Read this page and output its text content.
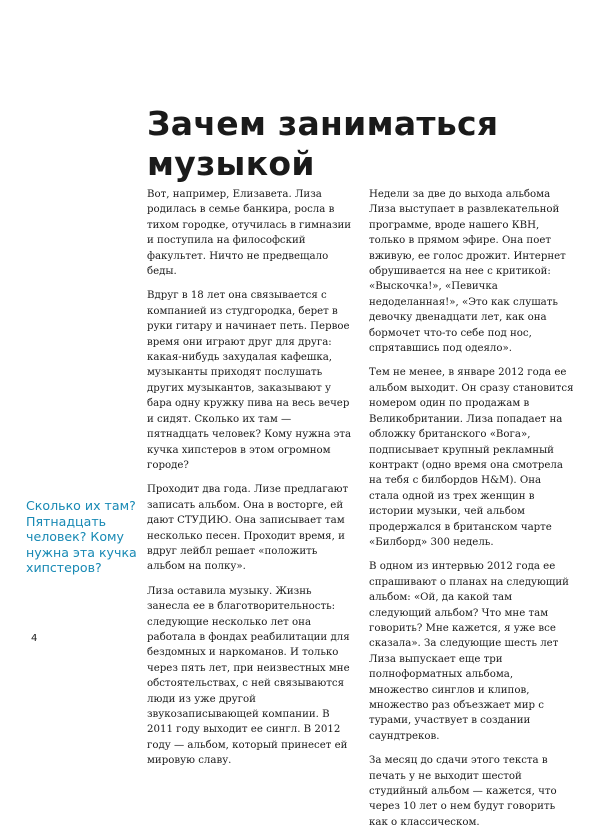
Зачем заниматься
музыкой

Вот, например, Елизавета. Лиза родилась в семье банкира, росла в тихом городке, отучилась в гимназии и поступила на философский факультет. Ничто не предвещало беды.

Вдруг в 18 лет она связывается с компанией из студгородка, берет в руки гитару и начинает петь. Первое время они играют друг для друга: какая-нибудь захудалая кафешка, музыканты приходят послушать других музыкантов, заказывают у бара одну кружку пива на весь вечер и сидят. Сколько их там — пятнадцать человек? Кому нужна эта кучка хипстеров в этом огромном городе?

Проходит два года. Лизе предлагают записать альбом. Она в восторге, ей дают СТУДИЮ. Она записывает там несколько песен. Проходит время, и вдруг лейбл решает «положить альбом на полку».

Лиза оставила музыку. Жизнь занесла ее в благотворительность: следующие несколько лет она работала в фондах реабилитации для бездомных и наркоманов. И только через пять лет, при неизвестных мне обстоятельствах, с ней связываются люди из уже другой звукозаписывающей компании. В 2011 году выходит ее сингл. В 2012 году — альбом, который принесет ей мировую славу.

Недели за две до выхода альбома Лиза выступает в развлекательной программе, вроде нашего КВН, только в прямом эфире. Она поет вживую, ее голос дрожит. Интернет обрушивается на нее с критикой: «Выскочка!», «Певичка недоделанная!», «Это как слушать девочку двенадцати лет, как она бормочет что-то себе под нос, спрятавшись под одеяло».

Тем не менее, в январе 2012 года ее альбом выходит. Он сразу становится номером один по продажам в Великобритании. Лиза попадает на обложку британского «Вога», подписывает крупный рекламный контракт (одно время она смотрела на тебя с билбордов H&M). Она стала одной из трех женщин в истории музыки, чей альбом продержался в британском чарте «Билборд» 300 недель.

В одном из интервью 2012 года ее спрашивают о планах на следующий альбом: «Ой, да какой там следующий альбом? Что мне там говорить? Мне кажется, я уже все сказала». За следующие шесть лет Лиза выпускает еще три полноформатных альбома, множество синглов и клипов, множество раз объезжает мир с турами, участвует в создании саундтреков.

За месяц до сдачи этого текста в печать у не выходит шестой студийный альбом — кажется, что через 10 лет о нем будут говорить как о классическом.

Сколько их там? Пятнадцать человек? Кому нужна эта кучка хипстеров?

4
